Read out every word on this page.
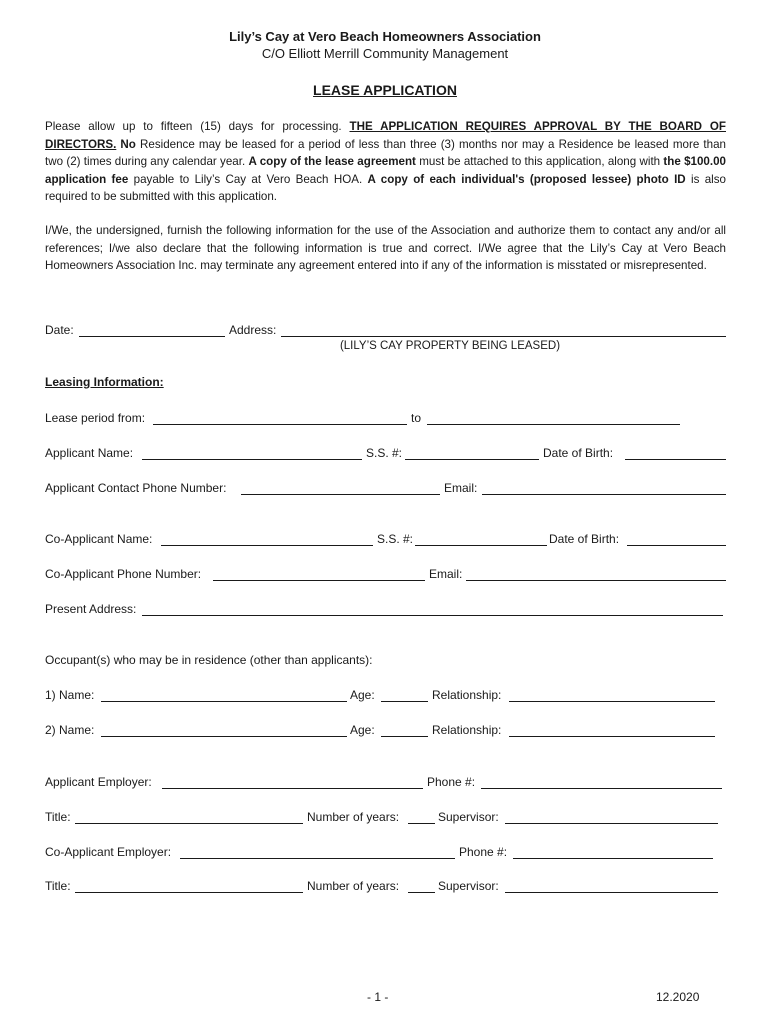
Lily’s Cay at Vero Beach Homeowners Association
C/O Elliott Merrill Community Management
LEASE APPLICATION
Please allow up to fifteen (15) days for processing. THE APPLICATION REQUIRES APPROVAL BY THE BOARD OF DIRECTORS. No Residence may be leased for a period of less than three (3) months nor may a Residence be leased more than two (2) times during any calendar year. A copy of the lease agreement must be attached to this application, along with the $100.00 application fee payable to Lily’s Cay at Vero Beach HOA. A copy of each individual's (proposed lessee) photo ID is also required to be submitted with this application.
I/We, the undersigned, furnish the following information for the use of the Association and authorize them to contact any and/or all references; I/we also declare that the following information is true and correct. I/We agree that the Lily’s Cay at Vero Beach Homeowners Association Inc. may terminate any agreement entered into if any of the information is misstated or misrepresented.
Date:	Address:
(LILY’S CAY PROPERTY BEING LEASED)
Leasing Information:
Lease period from:	to
Applicant Name:	S.S. #:	Date of Birth:
Applicant Contact Phone Number:	Email:
Co-Applicant Name:	S.S. #:	Date of Birth:
Co-Applicant Phone Number:	Email:
Present Address:
Occupant(s) who may be in residence (other than applicants):
1) Name:	Age:	Relationship:
2) Name:	Age:	Relationship:
Applicant Employer:	Phone #:
Title:	Number of years:	Supervisor:
Co-Applicant Employer:	Phone #:
Title:	Number of years:	Supervisor:
- 1 -	12.2020
